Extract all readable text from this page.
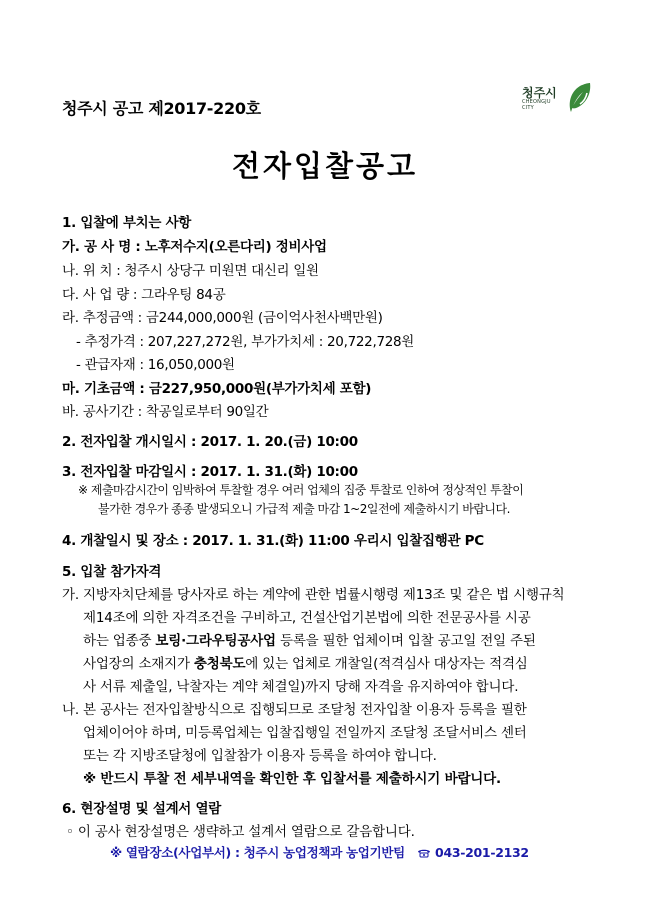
청주시 공고 제2017-220호
청주시
CHEONGJU
CITY
전자입찰공고
1. 입찰에 부치는 사항
가. 공 사 명 : 노후저수지(오른다리) 정비사업
나. 위 치 : 청주시 상당구 미원면 대신리 일원
다. 사 업 량 : 그라우팅 84공
라. 추정금액 : 금244,000,000원 (금이억사천사백만원)
- 추정가격 : 207,227,272원, 부가가치세 : 20,722,728원
- 관급자재 : 16,050,000원
마. 기초금액 : 금227,950,000원(부가가치세 포함)
바. 공사기간 : 착공일로부터 90일간
2. 전자입찰 개시일시 : 2017. 1. 20.(금) 10:00
3. 전자입찰 마감일시 : 2017. 1. 31.(화) 10:00
※ 제출마감시간이 임박하여 투찰할 경우 여러 업체의 집중 투찰로 인하여 정상적인 투찰이
불가한 경우가 종종 발생되오니 가급적 제출 마감 1~2일전에 제출하시기 바랍니다.
4. 개찰일시 및 장소 : 2017. 1. 31.(화) 11:00 우리시 입찰집행관 PC
5. 입찰 참가자격
가. 지방자치단체를 당사자로 하는 계약에 관한 법률시행령 제13조 및 같은 법 시행규칙
제14조에 의한 자격조건을 구비하고, 건설산업기본법에 의한 전문공사를 시공
하는 업종중 보링·그라우팅공사업 등록을 필한 업체이며 입찰 공고일 전일 주된
사업장의 소재지가 충청북도에 있는 업체로 개찰일(적격심사 대상자는 적격심
사 서류 제출일, 낙찰자는 계약 체결일)까지 당해 자격을 유지하여야 합니다.
나. 본 공사는 전자입찰방식으로 집행되므로 조달청 전자입찰 이용자 등록을 필한
업체이어야 하며, 미등록업체는 입찰집행일 전일까지 조달청 조달서비스 센터
또는 각 지방조달청에 입찰참가 이용자 등록을 하여야 합니다.
※ 반드시 투찰 전 세부내역을 확인한 후 입찰서를 제출하시기 바랍니다.
6. 현장설명 및 설계서 열람
◦ 이 공사 현장설명은 생략하고 설계서 열람으로 갈음합니다.
※ 열람장소(사업부서) : 청주시 농업정책과 농업기반팀 043-201-2132
